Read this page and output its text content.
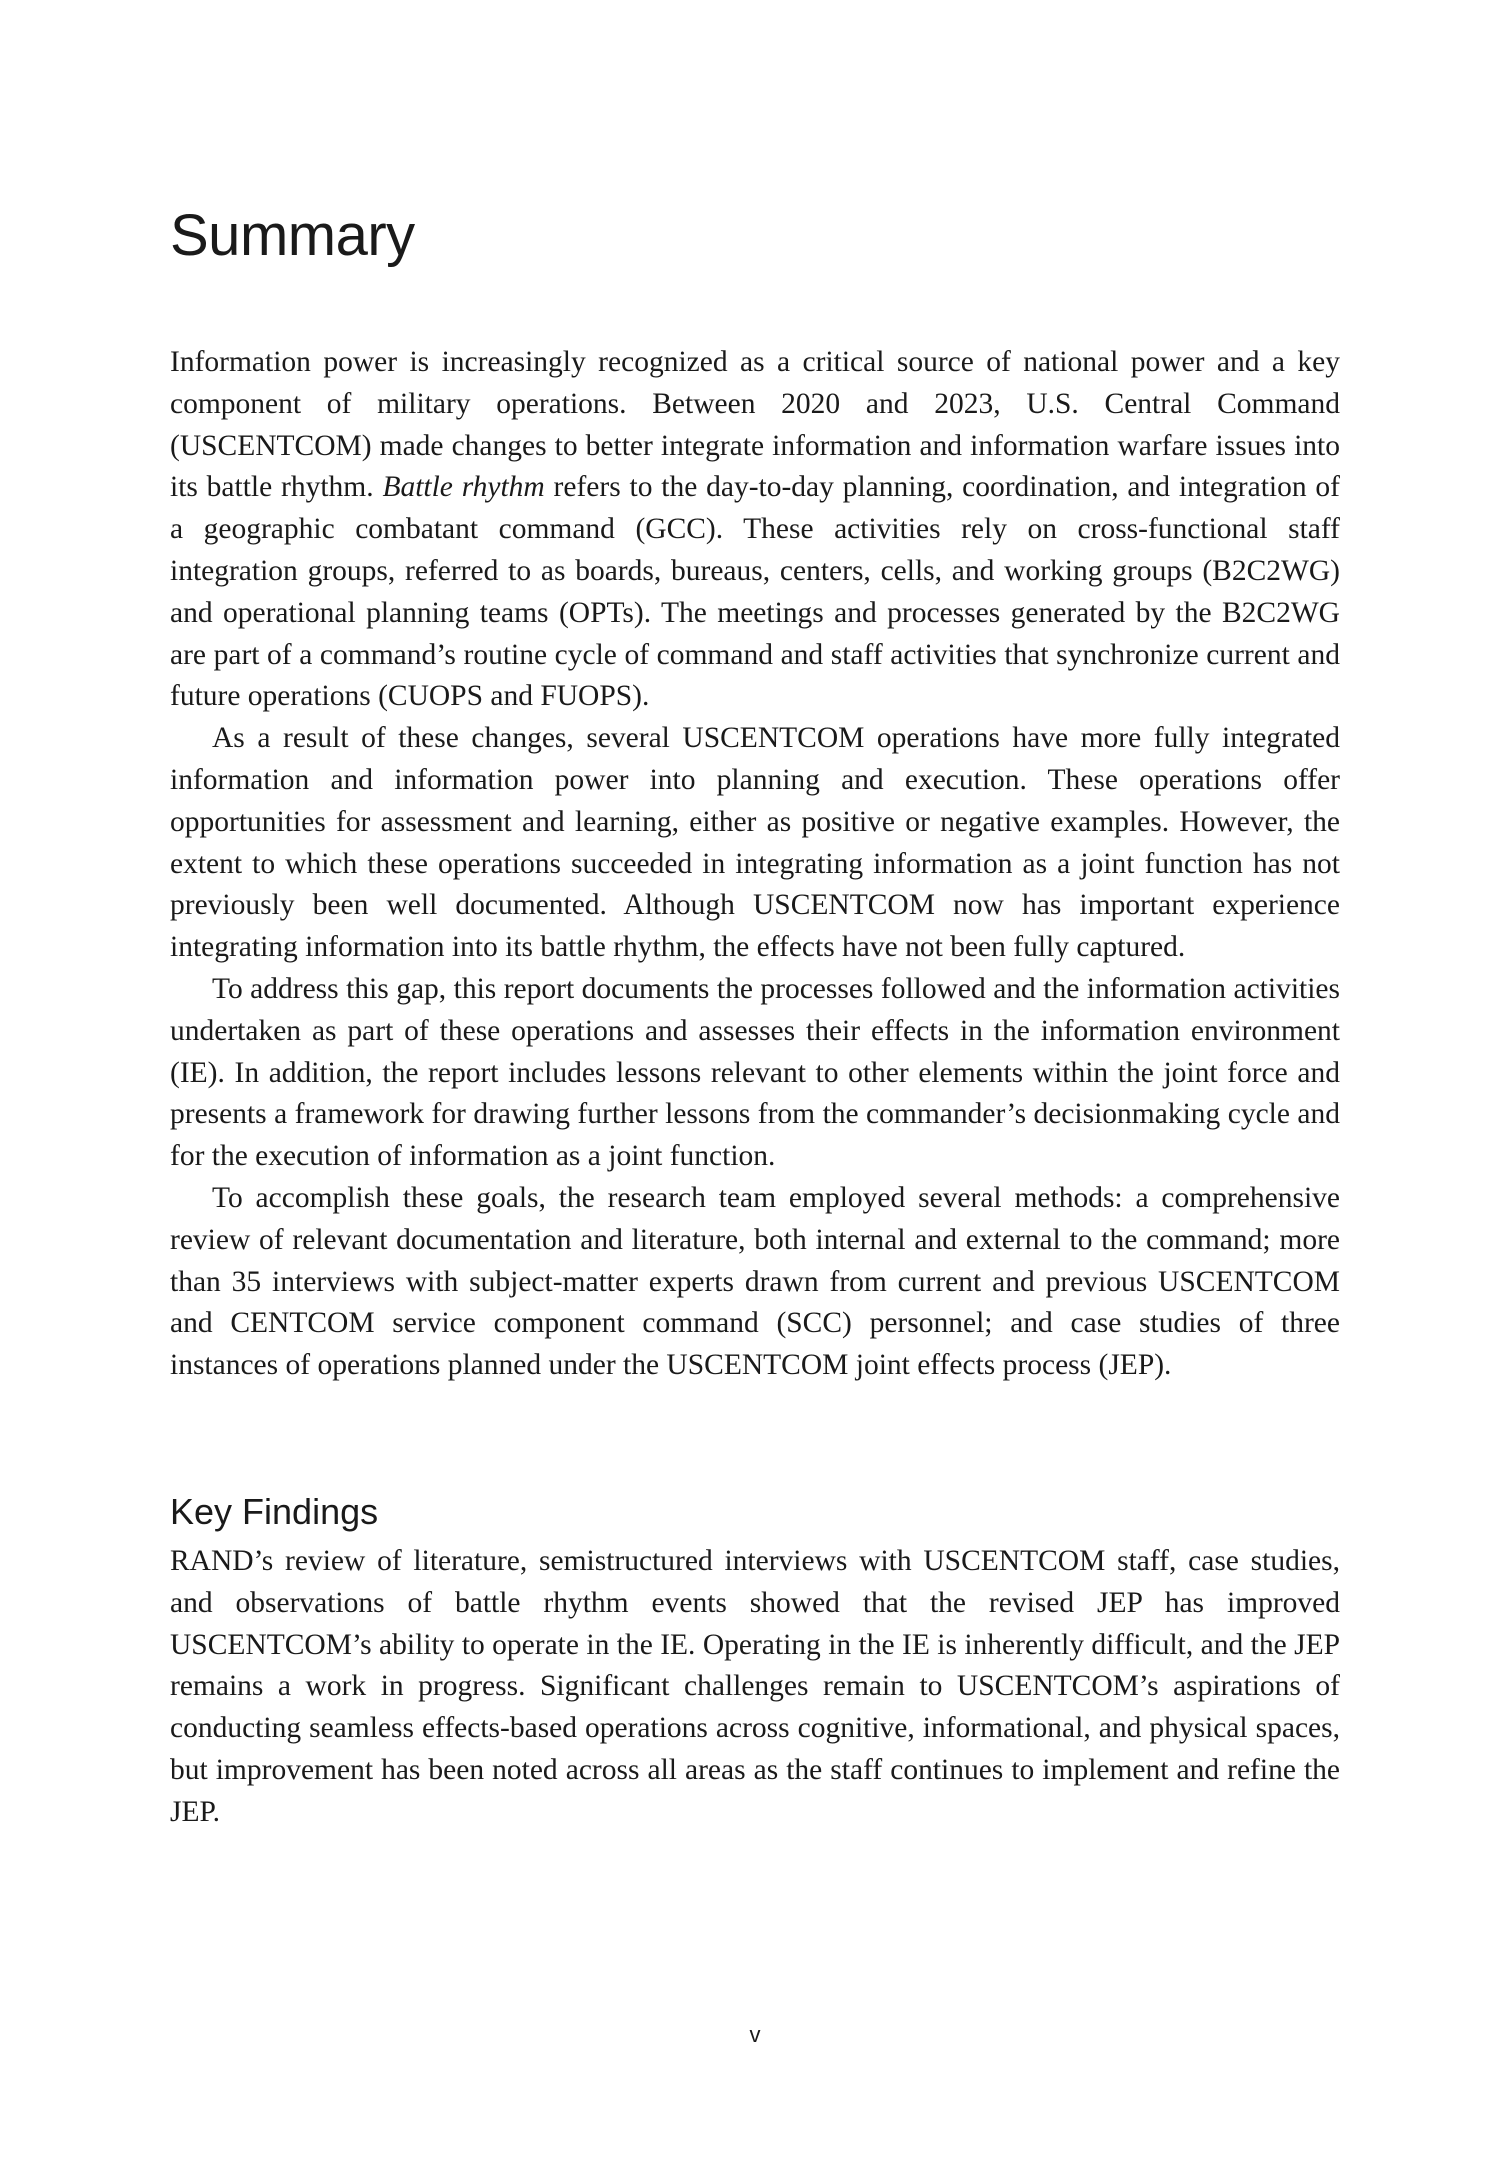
Summary

Information power is increasingly recognized as a critical source of national power and a key component of military operations. Between 2020 and 2023, U.S. Central Command (USCENTCOM) made changes to better integrate information and information warfare issues into its battle rhythm. Battle rhythm refers to the day-to-day planning, coordination, and integration of a geographic combatant command (GCC). These activities rely on cross-functional staff integration groups, referred to as boards, bureaus, centers, cells, and working groups (B2C2WG) and operational planning teams (OPTs). The meetings and processes generated by the B2C2WG are part of a command’s routine cycle of command and staff activities that synchronize current and future operations (CUOPS and FUOPS).

As a result of these changes, several USCENTCOM operations have more fully integrated information and information power into planning and execution. These operations offer opportunities for assessment and learning, either as positive or negative examples. However, the extent to which these operations succeeded in integrating information as a joint function has not previously been well documented. Although USCENTCOM now has important experience integrating information into its battle rhythm, the effects have not been fully captured.

To address this gap, this report documents the processes followed and the information activities undertaken as part of these operations and assesses their effects in the information environment (IE). In addition, the report includes lessons relevant to other elements within the joint force and presents a framework for drawing further lessons from the commander’s decisionmaking cycle and for the execution of information as a joint function.

To accomplish these goals, the research team employed several methods: a comprehensive review of relevant documentation and literature, both internal and external to the command; more than 35 interviews with subject-matter experts drawn from current and previous USCENTCOM and CENTCOM service component command (SCC) personnel; and case studies of three instances of operations planned under the USCENTCOM joint effects process (JEP).

Key Findings

RAND’s review of literature, semistructured interviews with USCENTCOM staff, case studies, and observations of battle rhythm events showed that the revised JEP has improved USCENTCOM’s ability to operate in the IE. Operating in the IE is inherently difficult, and the JEP remains a work in progress. Significant challenges remain to USCENTCOM’s aspirations of conducting seamless effects-based operations across cognitive, informational, and physical spaces, but improvement has been noted across all areas as the staff continues to implement and refine the JEP.

v
